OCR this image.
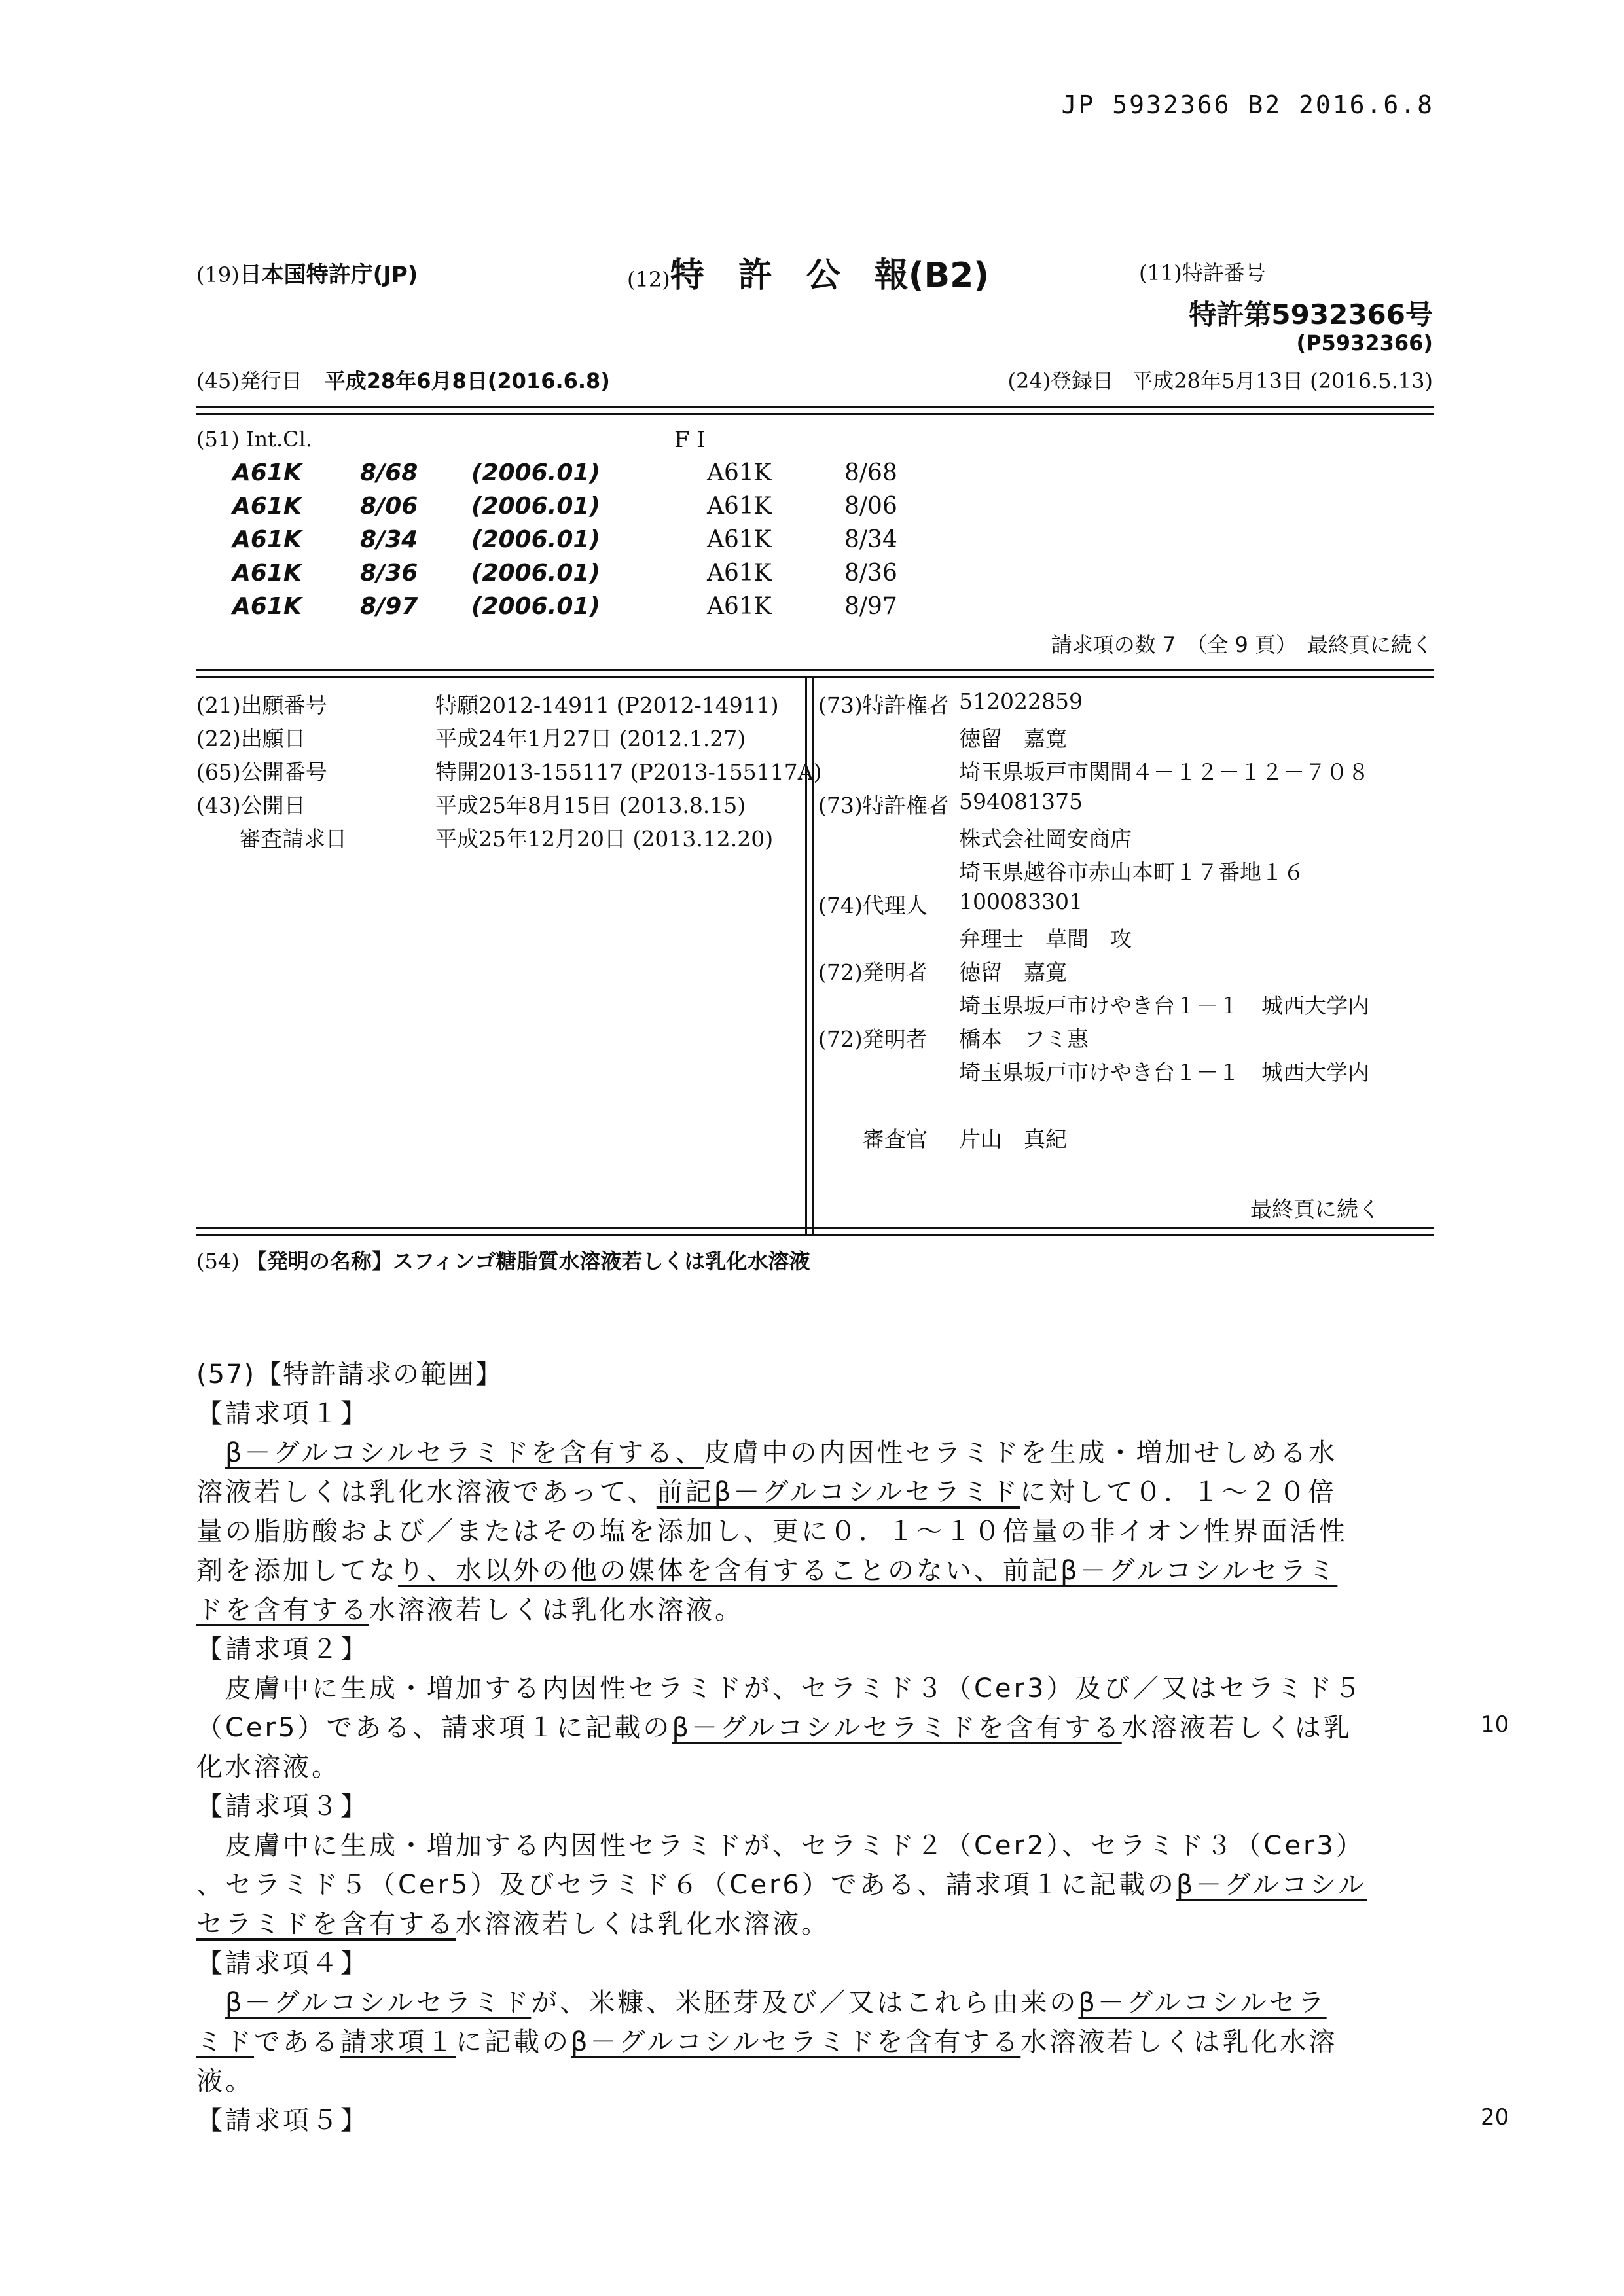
JP 5932366 B2 2016.6.8
(19)日本国特許庁(JP)	(12)特　許　公　報(B2)	(11)特許番号
特許第5932366号
(P5932366)
(45)発行日 平成28年6月8日(2016.6.8)	(24)登録日 平成28年5月13日 (2016.5.13)
(51) Int.Cl.	F I
A61K 8/68 (2006.01)	A61K	8/68
A61K 8/06 (2006.01)	A61K	8/06
A61K 8/34 (2006.01)	A61K	8/34
A61K 8/36 (2006.01)	A61K	8/36
A61K 8/97 (2006.01)	A61K	8/97
請求項の数 7　（全 9 頁）　最終頁に続く
(21)出願番号	特願2012-14911 (P2012-14911)
(22)出願日	平成24年1月27日 (2012.1.27)
(65)公開番号	特開2013-155117 (P2013-155117A)
(43)公開日	平成25年8月15日 (2013.8.15)
審査請求日	平成25年12月20日 (2013.12.20)
(73)特許権者 512022859
徳留　嘉寛
埼玉県坂戸市関間４－１２－１２－７０８
(73)特許権者 594081375
株式会社岡安商店
埼玉県越谷市赤山本町１７番地１６
(74)代理人 100083301
弁理士　草間　攻
(72)発明者 徳留　嘉寛
埼玉県坂戸市けやき台１－１　城西大学内
(72)発明者 橋本　フミ惠
埼玉県坂戸市けやき台１－１　城西大学内
審査官 片山　真紀
最終頁に続く
(54) 【発明の名称】スフィンゴ糖脂質水溶液若しくは乳化水溶液
(57)【特許請求の範囲】
【請求項１】
　β－グルコシルセラミドを含有する、皮膚中の内因性セラミドを生成・増加せしめる水
溶液若しくは乳化水溶液であって、前記β－グルコシルセラミドに対して０．１～２０倍
量の脂肪酸および／またはその塩を添加し、更に０．１～１０倍量の非イオン性界面活性
剤を添加してなり、水以外の他の媒体を含有することのない、前記β－グルコシルセラミ
ドを含有する水溶液若しくは乳化水溶液。
【請求項２】
　皮膚中に生成・増加する内因性セラミドが、セラミド３（Cer3）及び／又はセラミド５
（Cer5）である、請求項１に記載のβ－グルコシルセラミドを含有する水溶液若しくは乳
化水溶液。
【請求項３】
　皮膚中に生成・増加する内因性セラミドが、セラミド２（Cer2）、セラミド３（Cer3）
、セラミド５（Cer5）及びセラミド６（Cer6）である、請求項１に記載のβ－グルコシル
セラミドを含有する水溶液若しくは乳化水溶液。
【請求項４】
　β－グルコシルセラミドが、米糠、米胚芽及び／又はこれら由来のβ－グルコシルセラ
ミドである請求項１に記載のβ－グルコシルセラミドを含有する水溶液若しくは乳化水溶
液。
【請求項５】
10
20
